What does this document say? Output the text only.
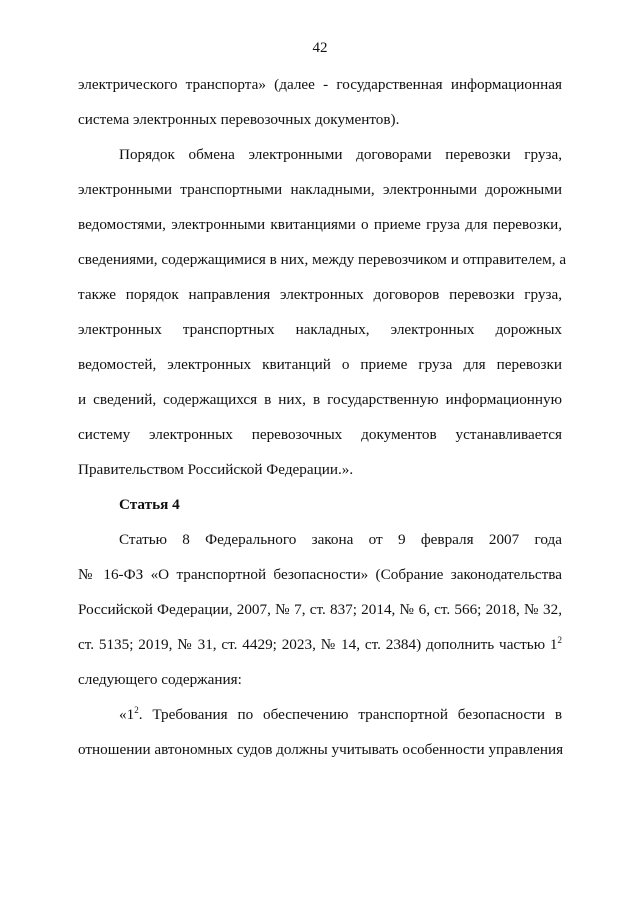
42
электрического транспорта» (далее - государственная информационная
система электронных перевозочных документов).
Порядок обмена электронными договорами перевозки груза,
электронными транспортными накладными, электронными дорожными
ведомостями, электронными квитанциями о приеме груза для перевозки,
сведениями, содержащимися в них, между перевозчиком и отправителем, а
также порядок направления электронных договоров перевозки груза,
электронных транспортных накладных, электронных дорожных
ведомостей, электронных квитанций о приеме груза для перевозки
и сведений, содержащихся в них, в государственную информационную
систему электронных перевозочных документов устанавливается
Правительством Российской Федерации.».
Статья 4
Статью 8 Федерального закона от 9 февраля 2007 года
№ 16-ФЗ «О транспортной безопасности» (Собрание законодательства
Российской Федерации, 2007, № 7, ст. 837; 2014, № 6, ст. 566; 2018, № 32,
ст. 5135; 2019, № 31, ст. 4429; 2023, № 14, ст. 2384) дополнить частью $1^2$
следующего содержания:
«$1^2$. Требования по обеспечению транспортной безопасности в
отношении автономных судов должны учитывать особенности управления
